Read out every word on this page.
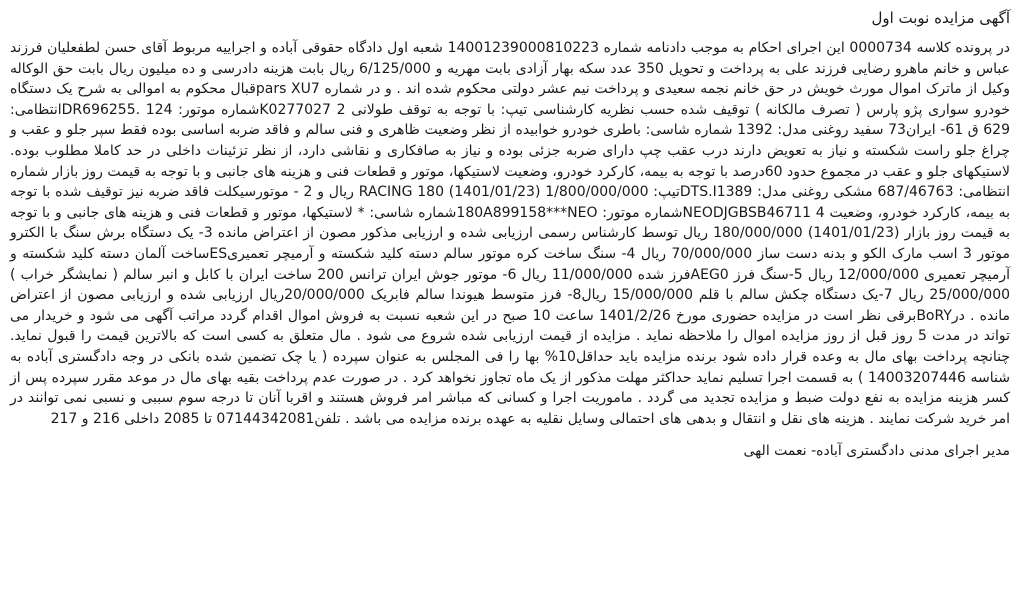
آگهی مزایده نوبت اول

در پرونده کلاسه 0000734 این اجرای احکام به موجب دادنامه شماره 14001239000810223 شعبه اول دادگاه حقوقی آباده و اجراییه مربوط آقای حسن لطفعلیان فرزند عباس و خانم ماهرو رضایی فرزند علی به پرداخت و تحویل 350 عدد سکه بهار آزادی بابت مهریه و 6/125/000 ریال بابت هزینه دادرسی و ده میلیون ریال بابت حق الوکاله وکیل از ماترک اموال مورث خویش در حق خانم نجمه سعیدی و پرداخت نیم عشر دولتی محکوم شده اند . و در شماره pars XU7قبال محکوم به اموالی به شرح یک دستگاه خودرو سواری پژو پارس ( تصرف مالکانه ) توقیف شده حسب نظریه کارشناسی تیپ: با توجه به توقف طولانی 2 K0277027شماره موتور: 124 .DR696255انتظامی: 629 ق 61- ایران73 سفید روغنی مدل: 1392 شماره شاسی: باطری خودرو خوابیده از نظر وضعیت ظاهری و فنی سالم و فاقد ضربه اساسی بوده فقط سپر جلو و عقب و چراغ جلو راست شکسته و نیاز به تعویض دارند درب عقب چپ دارای ضربه جزئی بوده و نیاز به صافکاری و نقاشی دارد، از نظر تزئینات داخلی در حد کاملا مطلوب بوده. لاستیکهای جلو و عقب در مجموع حدود 60درصد با توجه به بیمه، کارکرد خودرو، وضعیت لاستیکها، موتور و قطعات فنی و هزینه های جانبی و با توجه به قیمت روز بازار شماره انتظامی: 687/46763 مشکی روغنی مدل: DTS.I1389تیپ: RACING 180 (1401/01/23) 1/800/000/000 ریال و 2 - موتورسیکلت فاقد ضربه نیز توقیف شده با توجه به بیمه، کارکرد خودرو، وضعیت 4 NEODJGBSB46711شماره موتور: 180A899158***NEOشماره شاسی: * لاستیکها، موتور و قطعات فنی و هزینه های جانبی و با توجه به قیمت روز بازار (1401/01/23) 180/000/000 ریال توسط کارشناس رسمی ارزیابی شده و ارزیابی مذکور مصون از اعتراض مانده 3- یک دستگاه برش سنگ با الکترو موتور 3 اسب مارک الکو و بدنه دست ساز 70/000/000 ریال 4- سنگ ساخت کره موتور سالم دسته کلید شکسته و آرمیچر تعمیریESساخت آلمان دسته کلید شکسته و آرمیچر تعمیری 12/000/000 ریال 5-سنگ فرز AEG0فرز شده 11/000/000 ریال 6- موتور جوش ایران ترانس 200 ساخت ایران با کابل و انبر سالم ( نمایشگر خراب ) 25/000/000 ریال 7-یک دستگاه چکش سالم با قلم 15/000/000 ریال8- فرز متوسط هیوندا سالم فابریک 20/000/000ریال ارزیابی شده و ارزیابی مصون از اعتراض مانده . درBoRYبرقی نظر است در مزایده حضوری مورخ 1401/2/26 ساعت 10 صبح در این شعبه نسبت به فروش اموال اقدام گردد مراتب آگهی می شود و خریدار می تواند در مدت 5 روز قبل از روز مزایده اموال را ملاحظه نماید . مزایده از قیمت ارزیابی شده شروع می شود . مال متعلق به کسی است که بالاترین قیمت را قبول نماید. چنانچه پرداخت بهای مال به وعده قرار داده شود برنده مزایده باید حداقل10% بها را فی المجلس به عنوان سپرده ( یا چک تضمین شده بانکی در وجه دادگستری آباده به شناسه 14003207446 ) به قسمت اجرا تسلیم نماید حداکثر مهلت مذکور از یک ماه تجاوز نخواهد کرد . در صورت عدم پرداخت بقیه بهای مال در موعد مقرر سپرده پس از کسر هزینه مزایده به نفع دولت ضبط و مزایده تجدید می گردد . ماموریت اجرا و کسانی که مباشر امر فروش هستند و اقربا آنان تا درجه سوم سببی و نسبی نمی توانند در امر خرید شرکت نمایند . هزینه های نقل و انتقال و بدهی های احتمالی وسایل نقلیه به عهده برنده مزایده می باشد . تلفن07144342081 تا 2085 داخلی 216 و 217

مدیر اجرای مدنی دادگستری آباده- نعمت الهی
